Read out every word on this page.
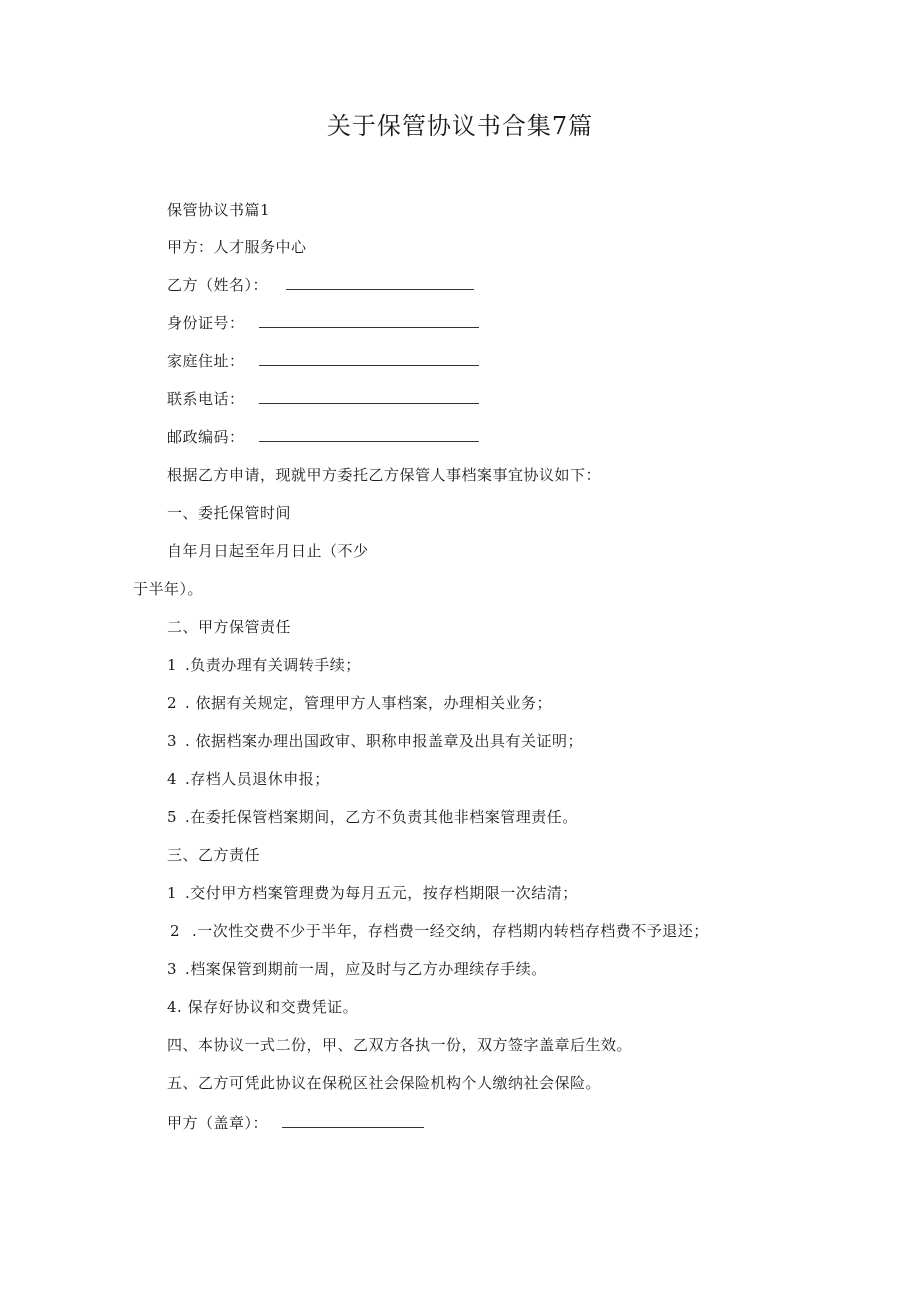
关于保管协议书合集7篇
保管协议书篇1
甲方：人才服务中心
乙方（姓名）：
身份证号：
家庭住址：
联系电话：
邮政编码：
根据乙方申请，现就甲方委托乙方保管人事档案事宜协议如下：
一、委托保管时间
自年月日起至年月日止（不少
于半年）。
二、甲方保管责任
1 .负责办理有关调转手续；
2 . 依据有关规定，管理甲方人事档案，办理相关业务；
3 . 依据档案办理出国政审、职称申报盖章及出具有关证明；
4 .存档人员退休申报；
5 .在委托保管档案期间，乙方不负责其他非档案管理责任。
三、乙方责任
1 .交付甲方档案管理费为每月五元，按存档期限一次结清；
2 .一次性交费不少于半年，存档费一经交纳，存档期内转档存档费不予退还；
3 .档案保管到期前一周，应及时与乙方办理续存手续。
4. 保存好协议和交费凭证。
四、本协议一式二份，甲、乙双方各执一份，双方签字盖章后生效。
五、乙方可凭此协议在保税区社会保险机构个人缴纳社会保险。
甲方（盖章）：
